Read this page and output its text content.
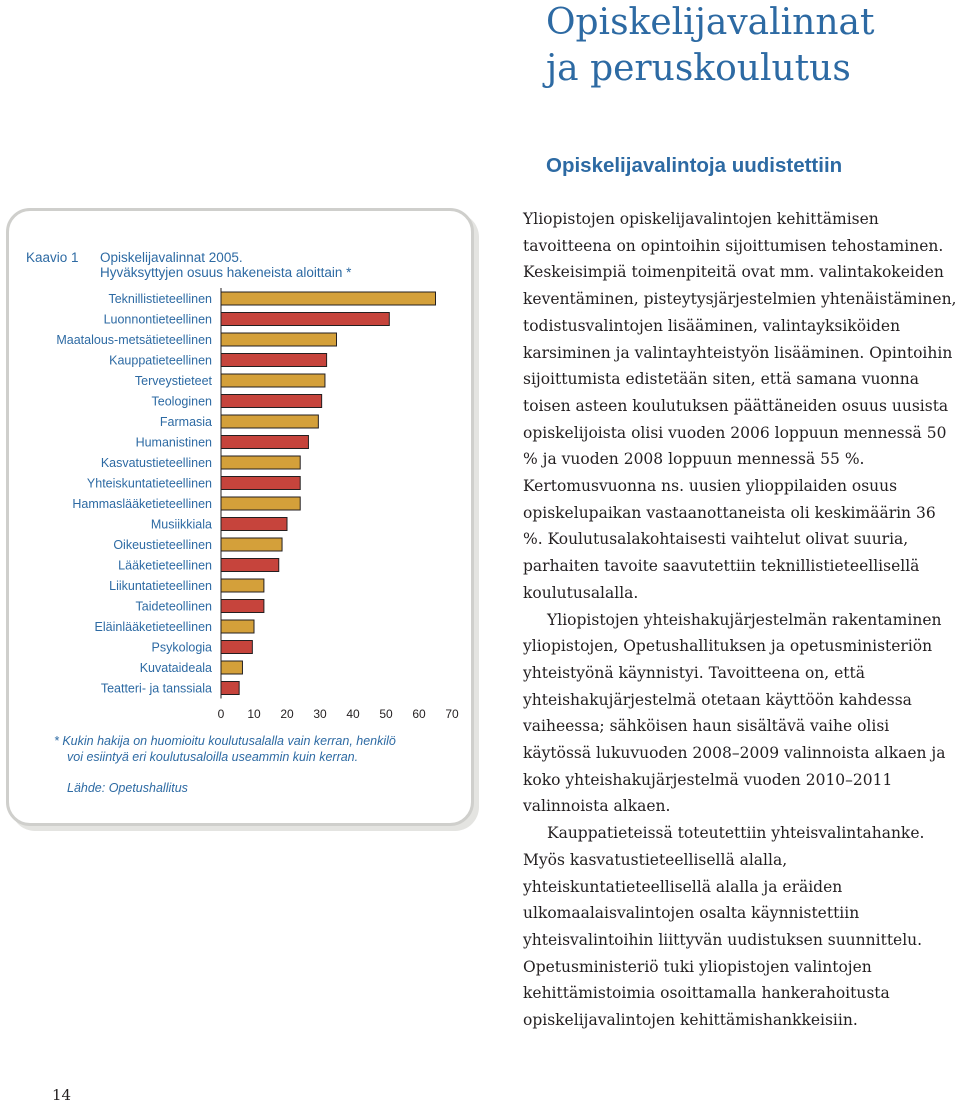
Opiskelijavalinnat
ja peruskoulutus
Opiskelijavalintoja uudistettiin
Kaavio 1 Opiskelijavalinnat 2005.
Hyväksyttyjen osuus hakeneista aloittain *
Teknillistieteellinen
Luonnontieteellinen
Maatalous-metsätieteellinen
Kauppatieteellinen
Terveystieteet
Teologinen
Farmasia
Humanistinen
Kasvatustieteellinen
Yhteiskuntatieteellinen
Hammaslääketieteellinen
Musiikkiala
Oikeustieteellinen
Lääketieteellinen
Liikuntatieteellinen
Taideteollinen
Eläinlääketieteellinen
Psykologia
Kuvataideala
Teatteri- ja tanssiala
0 10 20 30 40 50 60 70
* Kukin hakija on huomioitu koulutusalalla vain kerran, henkilö
voi esiintyä eri koulutusaloilla useammin kuin kerran.
Lähde: Opetushallitus

Yliopistojen opiskelijavalintojen kehittämisen tavoitteena on opintoihin sijoittumisen tehostaminen. Keskeisimpiä toimenpiteitä ovat mm. valintakokeiden keventäminen, pisteytysjärjestelmien yhtenäistäminen, todistusvalintojen lisääminen, valintayksiköiden karsiminen ja valintayhteistyön lisääminen. Opintoihin sijoittumista edistetään siten, että samana vuonna toisen asteen koulutuksen päättäneiden osuus uusista opiskelijoista olisi vuoden 2006 loppuun mennessä 50 % ja vuoden 2008 loppuun mennessä 55 %. Kertomusvuonna ns. uusien ylioppilaiden osuus opiskelupaikan vastaanottaneista oli keskimäärin 36 %. Koulutusalakohtaisesti vaihtelut olivat suuria, parhaiten tavoite saavutettiin teknillistieteellisellä koulutusalalla.

Yliopistojen yhteishakujärjestelmän rakentaminen yliopistojen, Opetushallituksen ja opetusministeriön yhteistyönä käynnistyi. Tavoitteena on, että yhteishakujärjestelmä otetaan käyttöön kahdessa vaiheessa; sähköisen haun sisältävä vaihe olisi käytössä lukuvuoden 2008–2009 valinnoista alkaen ja koko yhteishakujärjestelmä vuoden 2010–2011 valinnoista alkaen.

Kauppatieteissä toteutettiin yhteisvalintahanke. Myös kasvatustieteellisellä alalla, yhteiskuntatieteellisellä alalla ja eräiden ulkomaalaisvalintojen osalta käynnistettiin yhteisvalintoihin liittyvän uudistuksen suunnittelu. Opetusministeriö tuki yliopistojen valintojen kehittämistoimia osoittamalla hankerahoitusta opiskelijavalintojen kehittämishankkeisiin.

14
